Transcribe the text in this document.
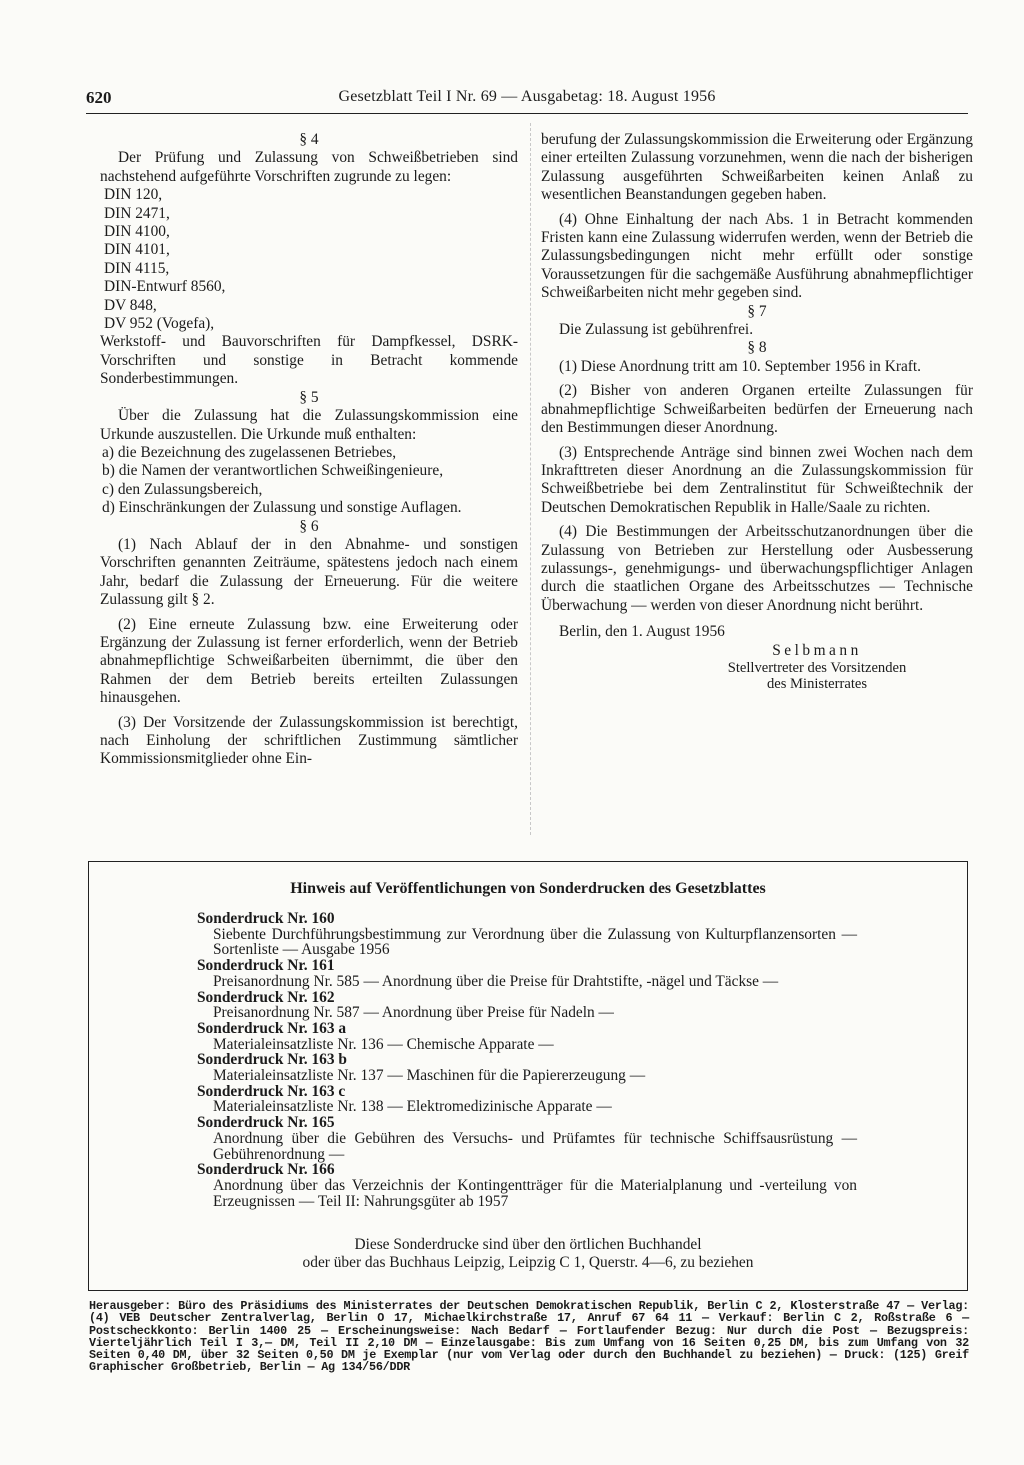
620	Gesetzblatt Teil I Nr. 69 — Ausgabetag: 18. August 1956

§ 4

Der Prüfung und Zulassung von Schweißbetrieben sind nachstehend aufgeführte Vorschriften zugrunde zu legen:

DIN 120,
DIN 2471,
DIN 4100,
DIN 4101,
DIN 4115,
DIN-Entwurf 8560,
DV 848,
DV 952 (Vogefa),

Werkstoff- und Bauvorschriften für Dampfkessel, DSRK-Vorschriften und sonstige in Betracht kommende Sonderbestimmungen.

§ 5

Über die Zulassung hat die Zulassungskommission eine Urkunde auszustellen. Die Urkunde muß enthalten:

a) die Bezeichnung des zugelassenen Betriebes,
b) die Namen der verantwortlichen Schweißingenieure,
c) den Zulassungsbereich,
d) Einschränkungen der Zulassung und sonstige Auflagen.

§ 6

(1) Nach Ablauf der in den Abnahme- und sonstigen Vorschriften genannten Zeiträume, spätestens jedoch nach einem Jahr, bedarf die Zulassung der Erneuerung. Für die weitere Zulassung gilt § 2.

(2) Eine erneute Zulassung bzw. eine Erweiterung oder Ergänzung der Zulassung ist ferner erforderlich, wenn der Betrieb abnahmepflichtige Schweißarbeiten übernimmt, die über den Rahmen der dem Betrieb bereits erteilten Zulassungen hinausgehen.

(3) Der Vorsitzende der Zulassungskommission ist berechtigt, nach Einholung der schriftlichen Zustimmung sämtlicher Kommissionsmitglieder ohne Ein-

berufung der Zulassungskommission die Erweiterung oder Ergänzung einer erteilten Zulassung vorzunehmen, wenn die nach der bisherigen Zulassung ausgeführten Schweißarbeiten keinen Anlaß zu wesentlichen Beanstandungen gegeben haben.

(4) Ohne Einhaltung der nach Abs. 1 in Betracht kommenden Fristen kann eine Zulassung widerrufen werden, wenn der Betrieb die Zulassungsbedingungen nicht mehr erfüllt oder sonstige Voraussetzungen für die sachgemäße Ausführung abnahmepflichtiger Schweißarbeiten nicht mehr gegeben sind.

§ 7

Die Zulassung ist gebührenfrei.

§ 8

(1) Diese Anordnung tritt am 10. September 1956 in Kraft.

(2) Bisher von anderen Organen erteilte Zulassungen für abnahmepflichtige Schweißarbeiten bedürfen der Erneuerung nach den Bestimmungen dieser Anordnung.

(3) Entsprechende Anträge sind binnen zwei Wochen nach dem Inkrafttreten dieser Anordnung an die Zulassungskommission für Schweißbetriebe bei dem Zentralinstitut für Schweißtechnik der Deutschen Demokratischen Republik in Halle/Saale zu richten.

(4) Die Bestimmungen der Arbeitsschutzanordnungen über die Zulassung von Betrieben zur Herstellung oder Ausbesserung zulassungs-, genehmigungs- und überwachungspflichtiger Anlagen durch die staatlichen Organe des Arbeitsschutzes — Technische Überwachung — werden von dieser Anordnung nicht berührt.

Berlin, den 1. August 1956

Selbmann

Stellvertreter des Vorsitzenden

des Ministerrates

Hinweis auf Veröffentlichungen von Sonderdrucken des Gesetzblattes
Sonderdruck Nr. 160
Siebente Durchführungsbestimmung zur Verordnung über die Zulassung von Kulturpflanzensorten — Sortenliste — Ausgabe 1956
Sonderdruck Nr. 161
Preisanordnung Nr. 585 — Anordnung über die Preise für Drahtstifte, -nägel und Täckse —
Sonderdruck Nr. 162
Preisanordnung Nr. 587 — Anordnung über Preise für Nadeln —
Sonderdruck Nr. 163 a
Materialeinsatzliste Nr. 136 — Chemische Apparate —
Sonderdruck Nr. 163 b
Materialeinsatzliste Nr. 137 — Maschinen für die Papiererzeugung —
Sonderdruck Nr. 163 c
Materialeinsatzliste Nr. 138 — Elektromedizinische Apparate —
Sonderdruck Nr. 165
Anordnung über die Gebühren des Versuchs- und Prüfamtes für technische Schiffsausrüstung — Gebührenordnung —
Sonderdruck Nr. 166
Anordnung über das Verzeichnis der Kontingentträger für die Materialplanung und -verteilung von Erzeugnissen — Teil II: Nahrungsgüter ab 1957
Diese Sonderdrucke sind über den örtlichen Buchhandel
oder über das Buchhaus Leipzig, Leipzig C 1, Querstr. 4—6, zu beziehen
Herausgeber: Büro des Präsidiums des Ministerrates der Deutschen Demokratischen Republik, Berlin C 2, Klosterstraße 47 — Verlag: (4) VEB Deutscher Zentralverlag, Berlin O 17, Michaelkirchstraße 17, Anruf 67 64 11 — Verkauf: Berlin C 2, Roßstraße 6 — Postscheckkonto: Berlin 1400 25 — Erscheinungsweise: Nach Bedarf — Fortlaufender Bezug: Nur durch die Post — Bezugspreis: Vierteljährlich Teil I 3,— DM, Teil II 2,10 DM — Einzelausgabe: Bis zum Umfang von 16 Seiten 0,25 DM, bis zum Umfang von 32 Seiten 0,40 DM, über 32 Seiten 0,50 DM je Exemplar (nur vom Verlag oder durch den Buchhandel zu beziehen) — Druck: (125) Greif Graphischer Großbetrieb, Berlin — Ag 134/56/DDR
